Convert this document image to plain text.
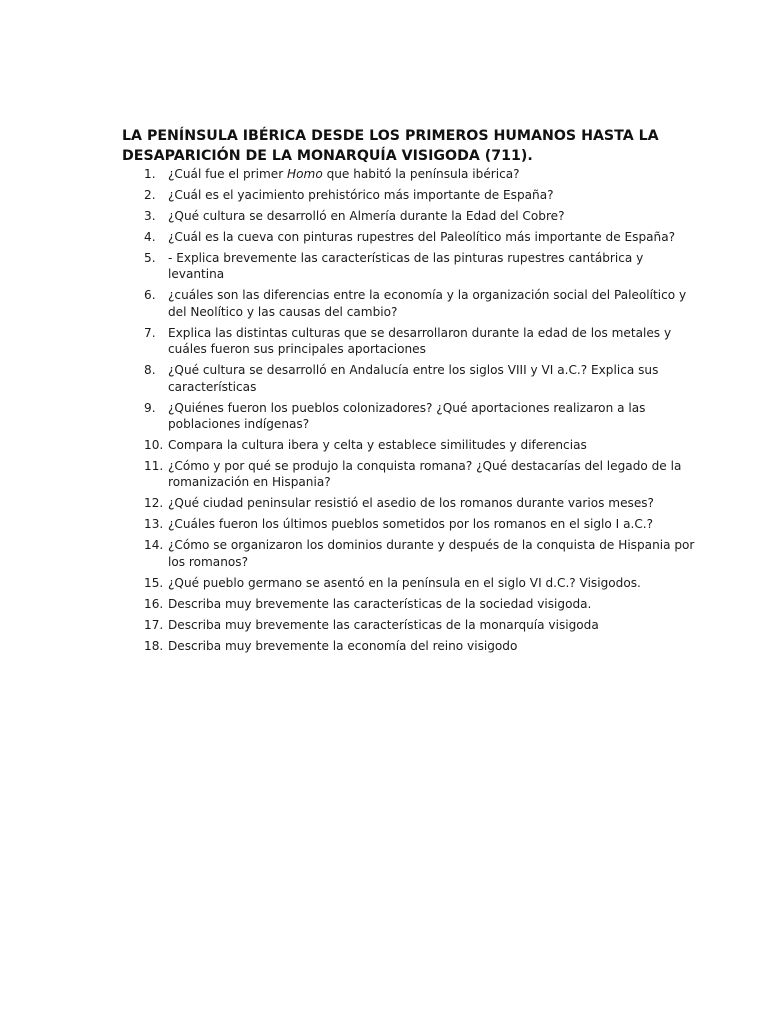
LA PENÍNSULA IBÉRICA DESDE LOS PRIMEROS HUMANOS HASTA LA
DESAPARICIÓN DE LA MONARQUÍA VISIGODA (711).
1.	¿Cuál fue el primer Homo que habitó la península ibérica?
2.	¿Cuál es el yacimiento prehistórico más importante de España?
3.	¿Qué cultura se desarrolló en Almería durante la Edad del Cobre?
4.	¿Cuál es la cueva con pinturas rupestres del Paleolítico más importante de España?
5.	- Explica brevemente las características de las pinturas rupestres cantábrica y levantina
6.	¿cuáles son las diferencias entre la economía y la organización social del Paleolítico y del Neolítico y las causas del cambio?
7.	Explica las distintas culturas que se desarrollaron durante la edad de los metales y cuáles fueron sus principales aportaciones
8.	¿Qué cultura se desarrolló en Andalucía entre los siglos VIII y VI a.C.? Explica sus características
9.	¿Quiénes fueron los pueblos colonizadores? ¿Qué aportaciones realizaron a las poblaciones indígenas?
10. Compara la cultura ibera y celta y establece similitudes y diferencias
11. ¿Cómo y por qué se produjo la conquista romana? ¿Qué destacarías del legado de la romanización en Hispania?
12. ¿Qué ciudad peninsular resistió el asedio de los romanos durante varios meses?
13. ¿Cuáles fueron los últimos pueblos sometidos por los romanos en el siglo I a.C.?
14. ¿Cómo se organizaron los dominios durante y después de la conquista de Hispania por los romanos?
15. ¿Qué pueblo germano se asentó en la península en el siglo VI d.C.? Visigodos.
16. Describa muy brevemente las características de la sociedad visigoda.
17. Describa muy brevemente las características de la monarquía visigoda
18. Describa muy brevemente la economía del reino visigodo
